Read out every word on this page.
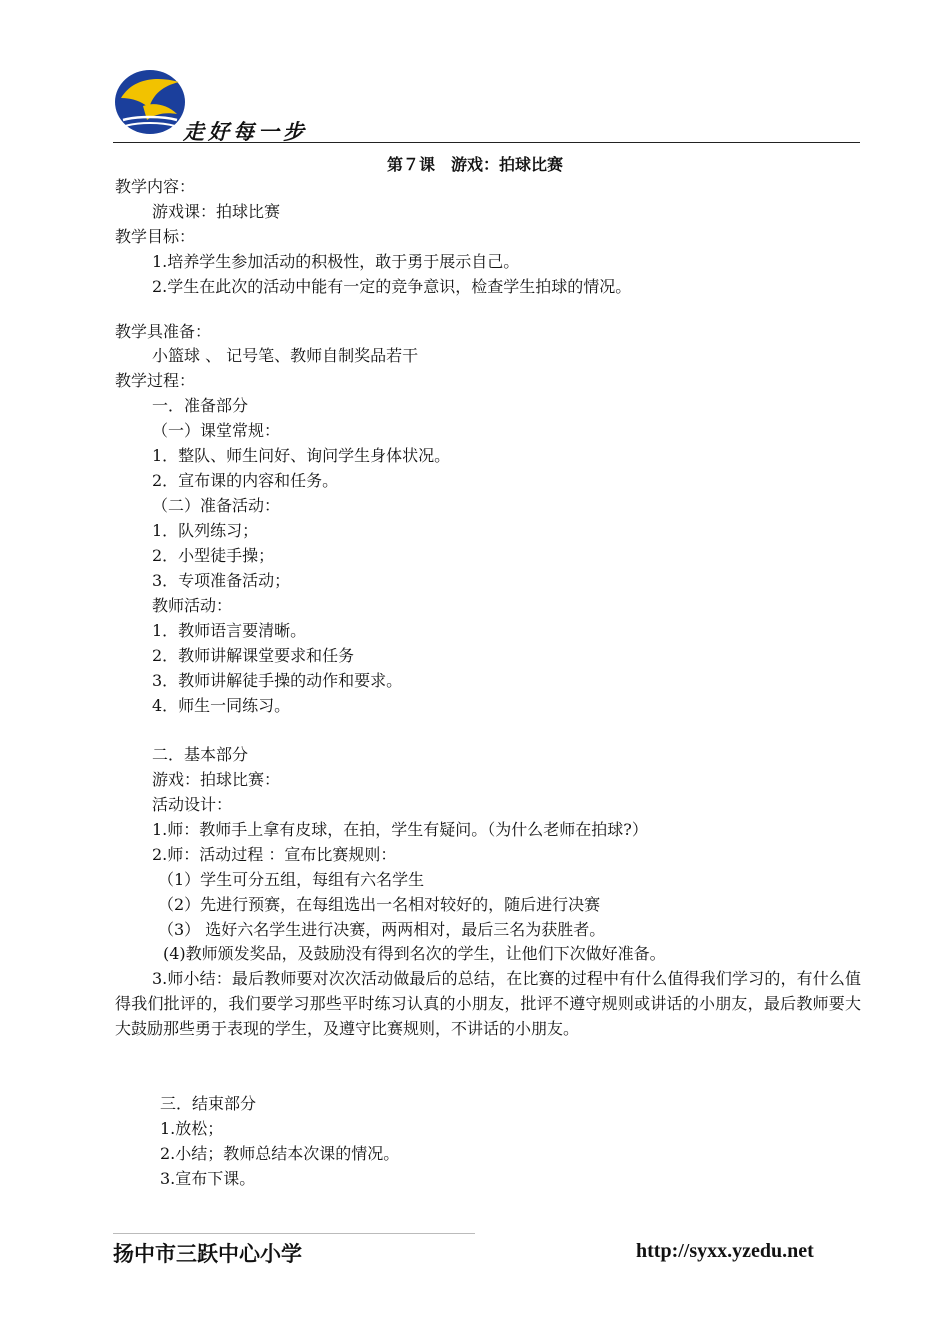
走好每一步
第７课　游戏：拍球比赛
教学内容：
游戏课：拍球比赛
教学目标：
1.培养学生参加活动的积极性，敢于勇于展示自己。
2.学生在此次的活动中能有一定的竞争意识，检查学生拍球的情况。
教学具准备：
小篮球 、 记号笔、教师自制奖品若干
教学过程：
一．准备部分
（一）课堂常规：
1．整队、师生问好、询问学生身体状况。
2．宣布课的内容和任务。
（二）准备活动：
1．队列练习；
2．小型徒手操；
3．专项准备活动；
教师活动：
1．教师语言要清晰。
2．教师讲解课堂要求和任务
3．教师讲解徒手操的动作和要求。
4．师生一同练习。
二．基本部分
游戏：拍球比赛：
活动设计：
1.师：教师手上拿有皮球，在拍，学生有疑问。（为什么老师在拍球?）
2.师：活动过程 ：宣布比赛规则：
（1）学生可分五组，每组有六名学生
（2）先进行预赛，在每组选出一名相对较好的，随后进行决赛
（3） 选好六名学生进行决赛，两两相对，最后三名为获胜者。
(4)教师颁发奖品，及鼓励没有得到名次的学生，让他们下次做好准备。
3.师小结：最后教师要对次次活动做最后的总结，在比赛的过程中有什么值得我们学习的，有什么值得我们批评的，我们要学习那些平时练习认真的小朋友，批评不遵守规则或讲话的小朋友，最后教师要大大鼓励那些勇于表现的学生，及遵守比赛规则，不讲话的小朋友。
三．结束部分
1.放松；
2.小结；教师总结本次课的情况。
3.宣布下课。
扬中市三跃中心小学	http://syxx.yzedu.net
